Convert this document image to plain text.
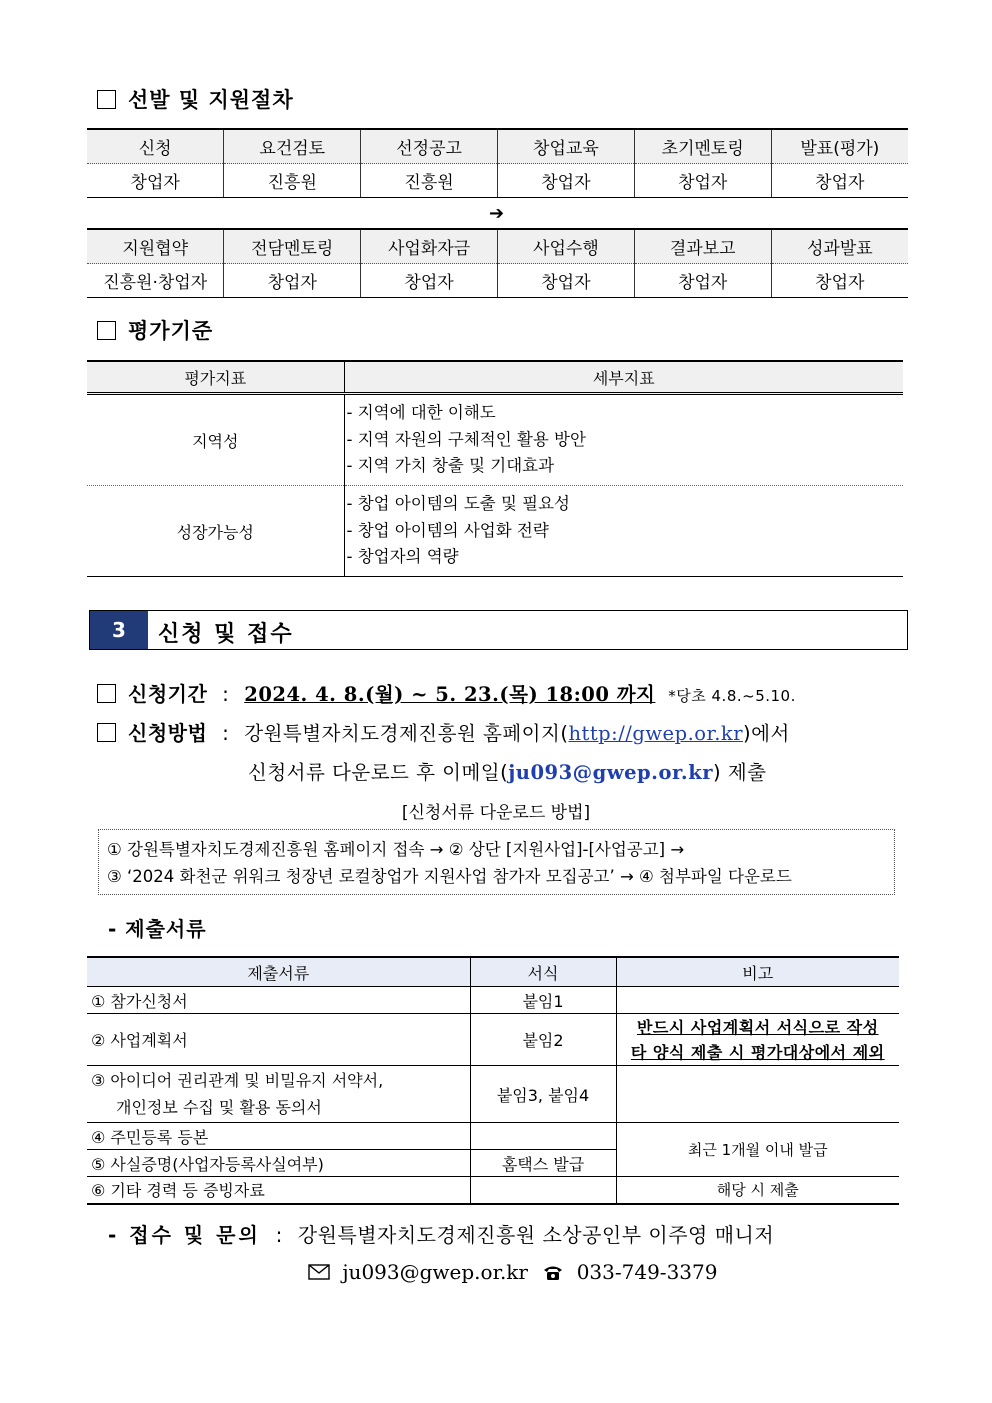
선발 및 지원절차
신청	요건검토	선정공고	창업교육	초기멘토링	발표(평가)
창업자	진흥원	진흥원	창업자	창업자	창업자
➔
지원협약	전담멘토링	사업화자금	사업수행	결과보고	성과발표
진흥원·창업자	창업자	창업자	창업자	창업자	창업자
평가기준
평가지표	세부지표
지역성	- 지역에 대한 이해도
- 지역 자원의 구체적인 활용 방안
- 지역 가치 창출 및 기대효과

성장가능성	- 창업 아이템의 도출 및 필요성
- 창업 아이템의 사업화 전략
- 창업자의 역량
3	신청 및 접수
신청기간 : 2024. 4. 8.(월) ~ 5. 23.(목) 18:00 까지 *당초 4.8.~5.10.
신청방법 : 강원특별자치도경제진흥원 홈페이지(http://gwep.or.kr)에서
신청서류 다운로드 후 이메일(ju093@gwep.or.kr) 제출
[신청서류 다운로드 방법]
① 강원특별자치도경제진흥원 홈페이지 접속 → ② 상단 [지원사업]-[사업공고] →
③ ‘2024 화천군 위워크 청장년 로컬창업가 지원사업 참가자 모집공고’ → ④ 첨부파일 다운로드
- 제출서류
제출서류	서식	비고
① 참가신청서	붙임1	
② 사업계획서	붙임2	반드시 사업계획서 서식으로 작성
타 양식 제출 시 평가대상에서 제외

③ 아이디어 권리관계 및 비밀유지 서약서,
개인정보 수집 및 활용 동의서	붙임3, 붙임4	
④ 주민등록 등본		최근 1개월 이내 발급
⑤ 사실증명(사업자등록사실여부)	홈택스 발급	
⑥ 기타 경력 등 증빙자료		해당 시 제출
- 접수 및 문의 : 강원특별자치도경제진흥원 소상공인부 이주영 매니저
ju093@gwep.or.kr 033-749-3379
